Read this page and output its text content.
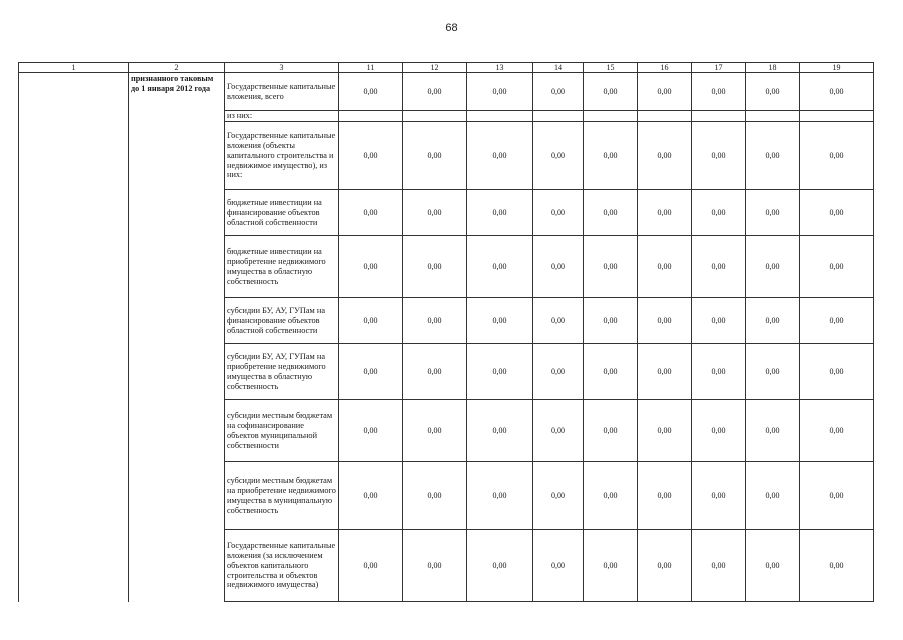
68
1	2	3	11	12	13	14	15	16	17	18	19
	признанного таковым до 1 января 2012 года	Государственные капитальные вложения, всего	0,00	0,00	0,00	0,00	0,00	0,00	0,00	0,00	0,00
		из них:									
		Государственные капитальные вложения (объекты капитального строительства и недвижимое имущество), из них:	0,00	0,00	0,00	0,00	0,00	0,00	0,00	0,00	0,00
		бюджетные инвестиции на финансирование объектов областной собственности	0,00	0,00	0,00	0,00	0,00	0,00	0,00	0,00	0,00
		бюджетные инвестиции на приобретение недвижимого имущества в областную собственность	0,00	0,00	0,00	0,00	0,00	0,00	0,00	0,00	0,00
		субсидии БУ, АУ, ГУПам на финансирование объектов областной собственности	0,00	0,00	0,00	0,00	0,00	0,00	0,00	0,00	0,00
		субсидии БУ, АУ, ГУПам на приобретение недвижимого имущества в областную собственность	0,00	0,00	0,00	0,00	0,00	0,00	0,00	0,00	0,00
		субсидии местным бюджетам на софинансирование объектов муниципальной собственности	0,00	0,00	0,00	0,00	0,00	0,00	0,00	0,00	0,00
		субсидии местным бюджетам на приобретение недвижимого имущества в муниципальную собственность	0,00	0,00	0,00	0,00	0,00	0,00	0,00	0,00	0,00
		Государственные капитальные вложения (за исключением объектов капитального строительства и объектов недвижимого имущества)	0,00	0,00	0,00	0,00	0,00	0,00	0,00	0,00	0,00
